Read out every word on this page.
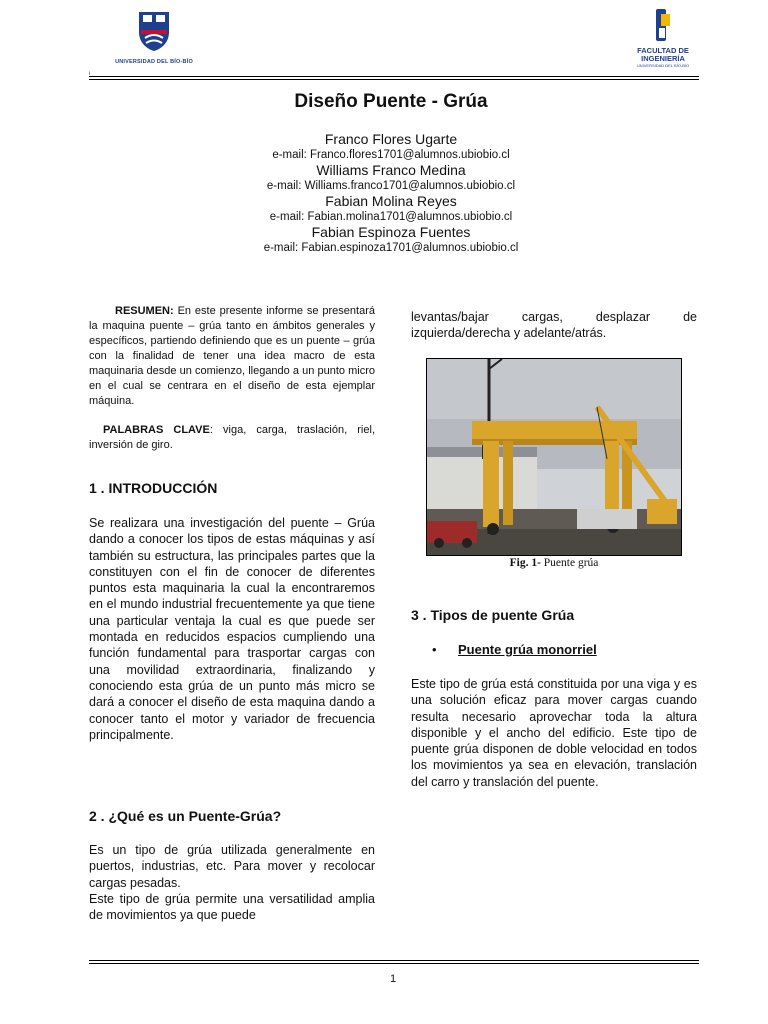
UNIVERSIDAD DEL BÍO-BÍO
FACULTAD DE
INGENIERÍA
UNIVERSIDAD DEL BÍO-BÍO
i
Diseño Puente - Grúa
Franco Flores Ugarte
e-mail: Franco.flores1701@alumnos.ubiobio.cl
Williams Franco Medina
e-mail: Williams.franco1701@alumnos.ubiobio.cl
Fabian Molina Reyes
e-mail: Fabian.molina1701@alumnos.ubiobio.cl
Fabian Espinoza Fuentes
e-mail: Fabian.espinoza1701@alumnos.ubiobio.cl
RESUMEN: En este presente informe se presentará la maquina puente – grúa tanto en ámbitos generales y específicos, partiendo definiendo que es un puente – grúa con la finalidad de tener una idea macro de esta maquinaria desde un comienzo, llegando a un punto micro en el cual se centrara en el diseño de esta ejemplar máquina.
PALABRAS CLAVE: viga, carga, traslación, riel, inversión de giro.
1 . INTRODUCCIÓN
Se realizara una investigación del puente – Grúa dando a conocer los tipos de estas máquinas y así también su estructura, las principales partes que la constituyen con el fin de conocer de diferentes puntos esta maquinaria la cual la encontraremos en el mundo industrial frecuentemente ya que tiene una particular ventaja la cual es que puede ser montada en reducidos espacios cumpliendo una función fundamental para trasportar cargas con una movilidad extraordinaria, finalizando y conociendo esta grúa de un punto más micro se dará a conocer el diseño de esta maquina dando a conocer tanto el motor y variador de frecuencia principalmente.
2 . ¿Qué es un Puente-Grúa?
Es un tipo de grúa utilizada generalmente en puertos, industrias, etc. Para mover y recolocar cargas pesadas.
Este tipo de grúa permite una versatilidad amplia de movimientos ya que puede
levantas/bajar cargas, desplazar de izquierda/derecha y adelante/atrás.
Fig. 1- Puente grúa
3 . Tipos de puente Grúa
• Puente grúa monorriel
Este tipo de grúa está constituida por una viga y es una solución eficaz para mover cargas cuando resulta necesario aprovechar toda la altura disponible y el ancho del edificio. Este tipo de puente grúa disponen de doble velocidad en todos los movimientos ya sea en elevación, translación del carro y translación del puente.
1
